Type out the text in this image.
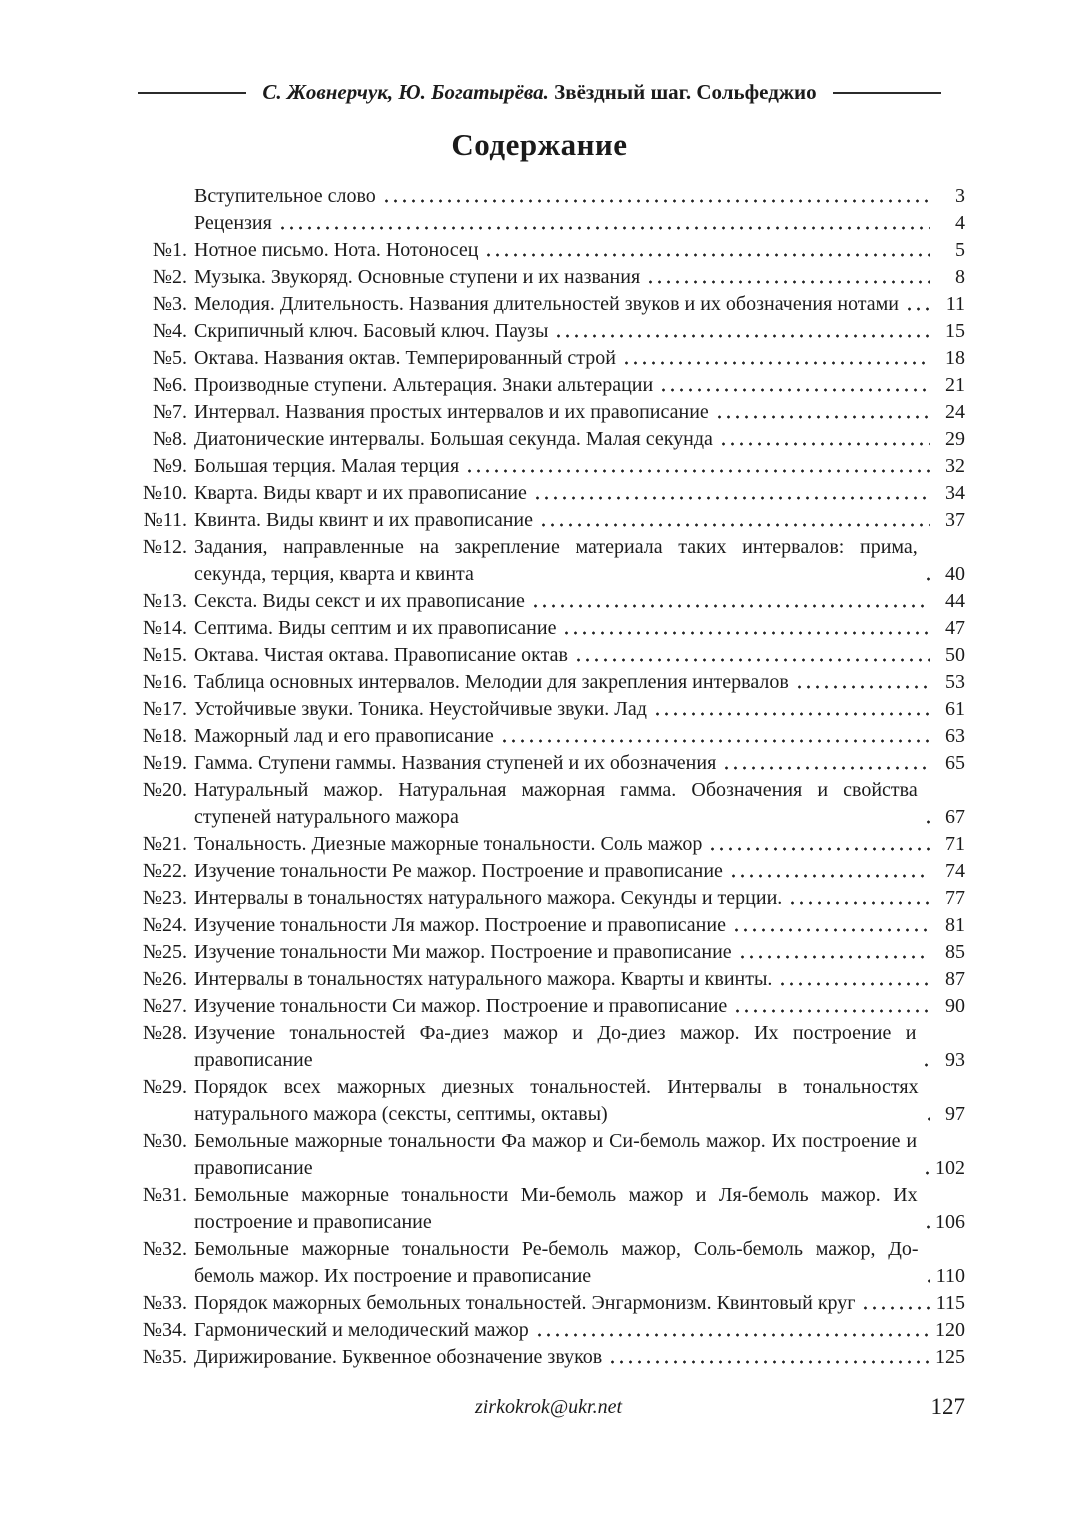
С. Жовнерчук, Ю. Богатырёва. Звёздный шаг. Сольфеджио
Содержание
Вступительное слово	3
Рецензия	4
№1. Нотное письмо. Нота. Нотоносец	5
№2. Музыка. Звукоряд. Основные ступени и их названия	8
№3. Мелодия. Длительность. Названия длительностей звуков и их обозначения нотами	11
№4. Скрипичный ключ. Басовый ключ. Паузы	15
№5. Октава. Названия октав. Темперированный строй	18
№6. Производные ступени. Альтерация. Знаки альтерации	21
№7. Интервал. Названия простых интервалов и их правописание	24
№8. Диатонические интервалы. Большая секунда. Малая секунда	29
№9. Большая терция. Малая терция	32
№10. Кварта. Виды кварт и их правописание	34
№11. Квинта. Виды квинт и их правописание	37
№12. Задания, направленные на закрепление материала таких интервалов: прима, секунда, терция, кварта и квинта	40
№13. Секста. Виды секст и их правописание	44
№14. Септима. Виды септим и их правописание	47
№15. Октава. Чистая октава. Правописание октав	50
№16. Таблица основных интервалов. Мелодии для закрепления интервалов	53
№17. Устойчивые звуки. Тоника. Неустойчивые звуки. Лад	61
№18. Мажорный лад и его правописание	63
№19. Гамма. Ступени гаммы. Названия ступеней и их обозначения	65
№20. Натуральный мажор. Натуральная мажорная гамма. Обозначения и свойства ступеней натурального мажора	67
№21. Тональность. Диезные мажорные тональности. Соль мажор	71
№22. Изучение тональности Ре мажор. Построение и правописание	74
№23. Интервалы в тональностях натурального мажора. Секунды и терции.	77
№24. Изучение тональности Ля мажор. Построение и правописание	81
№25. Изучение тональности Ми мажор. Построение и правописание	85
№26. Интервалы в тональностях натурального мажора. Кварты и квинты.	87
№27. Изучение тональности Си мажор. Построение и правописание	90
№28. Изучение тональностей Фа-диез мажор и До-диез мажор. Их построение и правописание	93
№29. Порядок всех мажорных диезных тональностей. Интервалы в тональностях натурального мажора (сексты, септимы, октавы)	97
№30. Бемольные мажорные тональности Фа мажор и Си-бемоль мажор. Их построение и правописание	102
№31. Бемольные мажорные тональности Ми-бемоль мажор и Ля-бемоль мажор. Их построение и правописание	106
№32. Бемольные мажорные тональности Ре-бемоль мажор, Соль-бемоль мажор, До-бемоль мажор. Их построение и правописание	110
№33. Порядок мажорных бемольных тональностей. Энгармонизм. Квинтовый круг	115
№34. Гармонический и мелодический мажор	120
№35. Дирижирование. Буквенное обозначение звуков	125
zirkokrok@ukr.net	127
